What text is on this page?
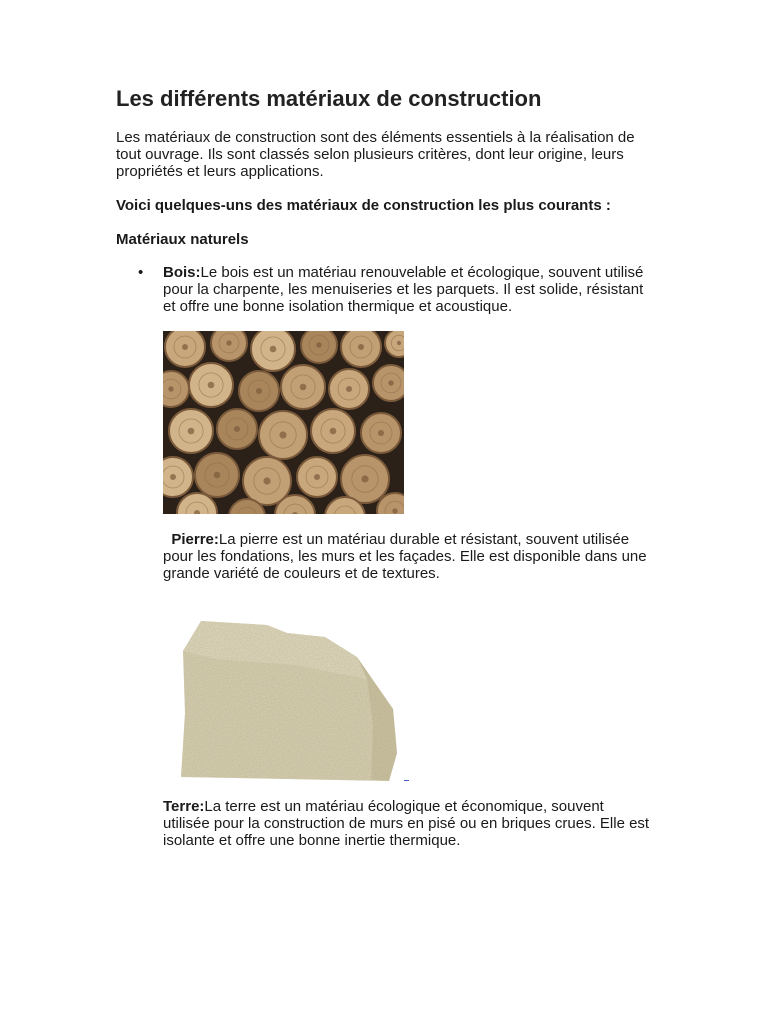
Les différents matériaux de construction

Les matériaux de construction sont des éléments essentiels à la réalisation de tout ouvrage. Ils sont classés selon plusieurs critères, dont leur origine, leurs propriétés et leurs applications.

Voici quelques-uns des matériaux de construction les plus courants :

Matériaux naturels

• Bois:Le bois est un matériau renouvelable et écologique, souvent utilisé pour la charpente, les menuiseries et les parquets. Il est solide, résistant et offre une bonne isolation thermique et acoustique.

Pierre:La pierre est un matériau durable et résistant, souvent utilisée pour les fondations, les murs et les façades. Elle est disponible dans une grande variété de couleurs et de textures.

Terre:La terre est un matériau écologique et économique, souvent utilisée pour la construction de murs en pisé ou en briques crues. Elle est isolante et offre une bonne inertie thermique.
